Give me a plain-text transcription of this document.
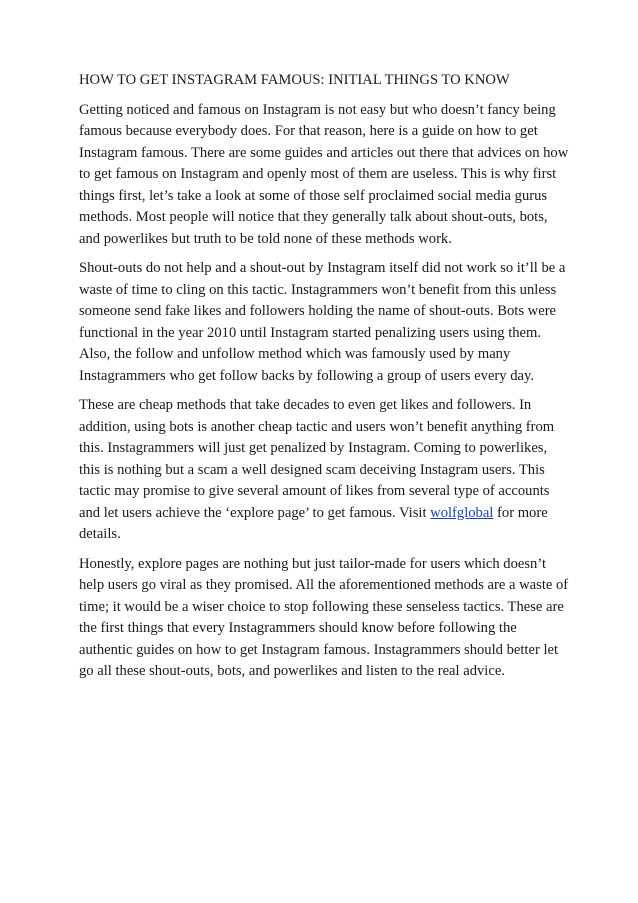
HOW TO GET INSTAGRAM FAMOUS: INITIAL THINGS TO KNOW

Getting noticed and famous on Instagram is not easy but who doesn’t fancy being famous because everybody does. For that reason, here is a guide on how to get Instagram famous. There are some guides and articles out there that advices on how to get famous on Instagram and openly most of them are useless. This is why first things first, let’s take a look at some of those self proclaimed social media gurus methods. Most people will notice that they generally talk about shout-outs, bots, and powerlikes but truth to be told none of these methods work.

Shout-outs do not help and a shout-out by Instagram itself did not work so it’ll be a waste of time to cling on this tactic. Instagrammers won’t benefit from this unless someone send fake likes and followers holding the name of shout-outs. Bots were functional in the year 2010 until Instagram started penalizing users using them. Also, the follow and unfollow method which was famously used by many Instagrammers who get follow backs by following a group of users every day.

These are cheap methods that take decades to even get likes and followers. In addition, using bots is another cheap tactic and users won’t benefit anything from this. Instagrammers will just get penalized by Instagram. Coming to powerlikes, this is nothing but a scam a well designed scam deceiving Instagram users. This tactic may promise to give several amount of likes from several type of accounts and let users achieve the ‘explore page’ to get famous. Visit wolfglobal for more details.

Honestly, explore pages are nothing but just tailor-made for users which doesn’t help users go viral as they promised. All the aforementioned methods are a waste of time; it would be a wiser choice to stop following these senseless tactics. These are the first things that every Instagrammers should know before following the authentic guides on how to get Instagram famous. Instagrammers should better let go all these shout-outs, bots, and powerlikes and listen to the real advice.
